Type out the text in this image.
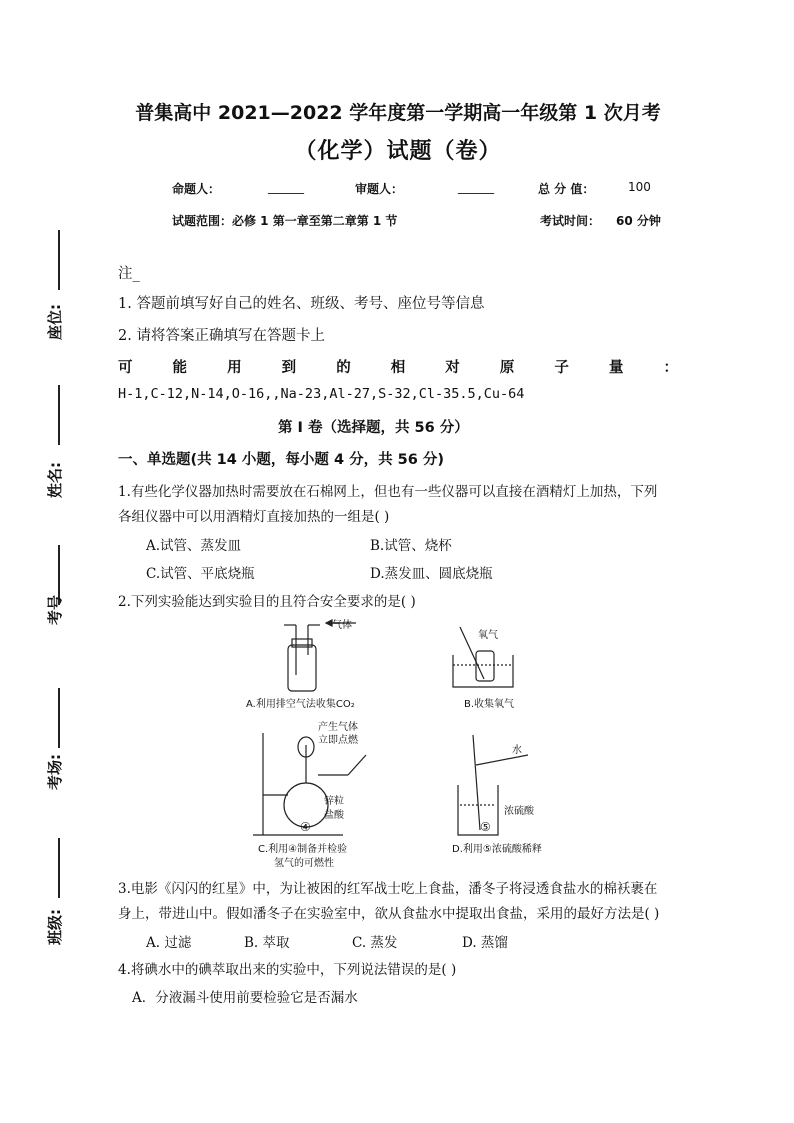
座位:
姓名:
考号
考场:
班级:
普集高中 2021—2022 学年度第一学期高一年级第 1 次月考
（化学）试题（卷）
命题人：	______	审题人：	______	总 分 值：	100
试题范围：必修 1 第一章至第二章第 1 节	考试时间： 60 分钟
注_
1. 答题前填写好自己的姓名、班级、考号、座位号等信息
2. 请将答案正确填写在答题卡上
可	能	用	到	的	相	对	原	子	量	：
H-1,C-12,N-14,O-16,,Na-23,Al-27,S-32,Cl-35.5,Cu-64
第 I 卷（选择题，共 56 分）
一、单选题(共 14 小题，每小题 4 分，共 56 分)
1.有些化学仪器加热时需要放在石棉网上，但也有一些仪器可以直接在酒精灯上加热，下列
各组仪器中可以用酒精灯直接加热的一组是( )
A.试管、蒸发皿	B.试管、烧杯
C.试管、平底烧瓶	D.蒸发皿、圆底烧瓶
2.下列实验能达到实验目的且符合安全要求的是( )
气体
A.利用排空气法收集CO₂
氧气
B.收集氧气
产生气体
立即点燃
锌粒
盐酸
④
C.利用④制备并检验
氢气的可燃性
水
浓硫酸
⑤
D.利用⑤浓硫酸稀释
3.电影《闪闪的红星》中，为让被困的红军战士吃上食盐，潘冬子将浸透食盐水的棉袄裹在
身上，带进山中。假如潘冬子在实验室中，欲从食盐水中提取出食盐，采用的最好方法是( )
A. 过滤	B. 萃取	C. 蒸发	D. 蒸馏
4.将碘水中的碘萃取出来的实验中，下列说法错误的是( )
A．分液漏斗使用前要检验它是否漏水
